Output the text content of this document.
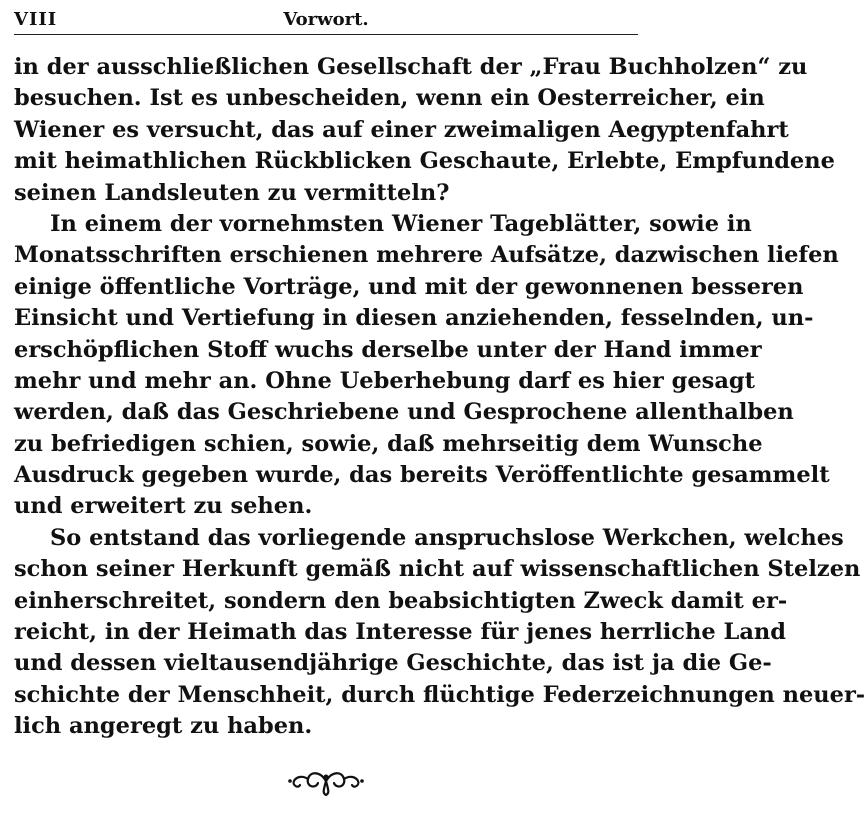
VIII	Vorwort.
in der ausschließlichen Gesellschaft der „Frau Buchholzen“ zu
besuchen. Ist es unbescheiden, wenn ein Oesterreicher, ein
Wiener es versucht, das auf einer zweimaligen Aegyptenfahrt
mit heimathlichen Rückblicken Geschaute, Erlebte, Empfundene
seinen Landsleuten zu vermitteln?
In einem der vornehmsten Wiener Tageblätter, sowie in
Monatsschriften erschienen mehrere Aufsätze, dazwischen liefen
einige öffentliche Vorträge, und mit der gewonnenen besseren
Einsicht und Vertiefung in diesen anziehenden, fesselnden, un-
erschöpflichen Stoff wuchs derselbe unter der Hand immer
mehr und mehr an. Ohne Ueberhebung darf es hier gesagt
werden, daß das Geschriebene und Gesprochene allenthalben
zu befriedigen schien, sowie, daß mehrseitig dem Wunsche
Ausdruck gegeben wurde, das bereits Veröffentlichte gesammelt
und erweitert zu sehen.
So entstand das vorliegende anspruchslose Werkchen, welches
schon seiner Herkunft gemäß nicht auf wissenschaftlichen Stelzen
einherschreitet, sondern den beabsichtigten Zweck damit er-
reicht, in der Heimath das Interesse für jenes herrliche Land
und dessen vieltausendjährige Geschichte, das ist ja die Ge-
schichte der Menschheit, durch flüchtige Federzeichnungen neuer-
lich angeregt zu haben.
